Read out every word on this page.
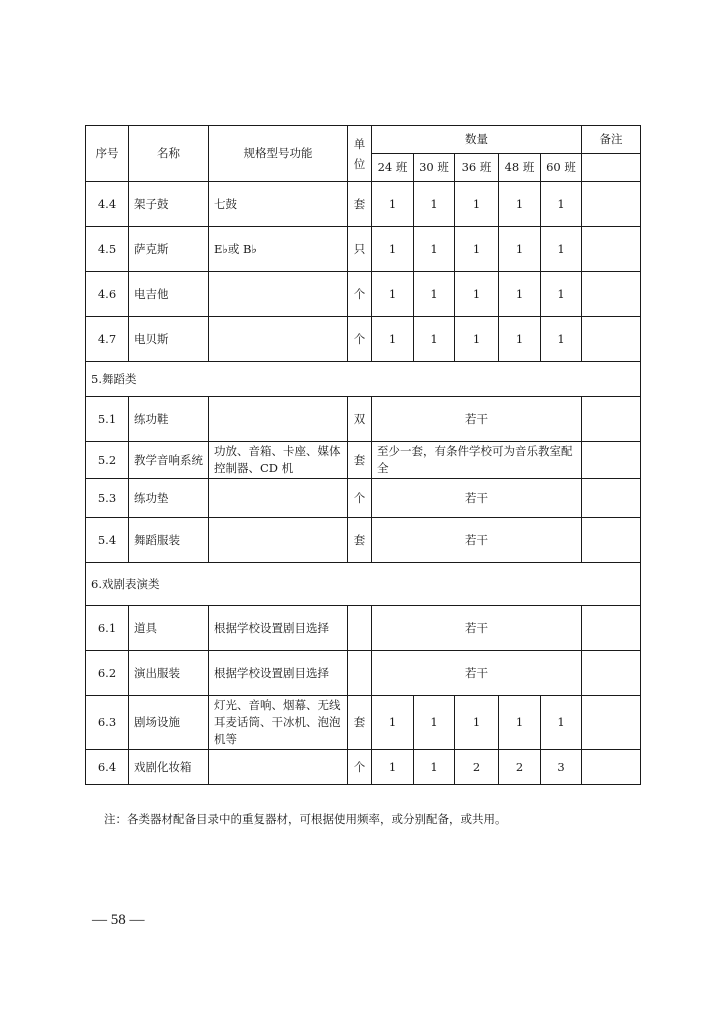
序号	名称	规格型号功能	单位	数量					备注
				24 班	30 班	36 班	48 班	60 班	
4.4	架子鼓	七鼓	套	1	1	1	1	1	
4.5	萨克斯	E♭或 B♭	只	1	1	1	1	1	
4.6	电吉他		个	1	1	1	1	1	
4.7	电贝斯		个	1	1	1	1	1	
5.舞蹈类									
5.1	练功鞋		双	若干					
5.2	教学音响系统	功放、音箱、卡座、媒体控制器、CD 机	套	至少一套，有条件学校可为音乐教室配全					
5.3	练功垫		个	若干					
5.4	舞蹈服装		套	若干					
6.戏剧表演类									
6.1	道具	根据学校设置剧目选择		若干					
6.2	演出服装	根据学校设置剧目选择		若干					
6.3	剧场设施	灯光、音响、烟幕、无线耳麦话筒、干冰机、泡泡机等	套	1	1	1	1	1	
6.4	戏剧化妆箱		个	1	1	2	2	3	
注：各类器材配备目录中的重复器材，可根据使用频率，或分别配备，或共用。
— 58 —
